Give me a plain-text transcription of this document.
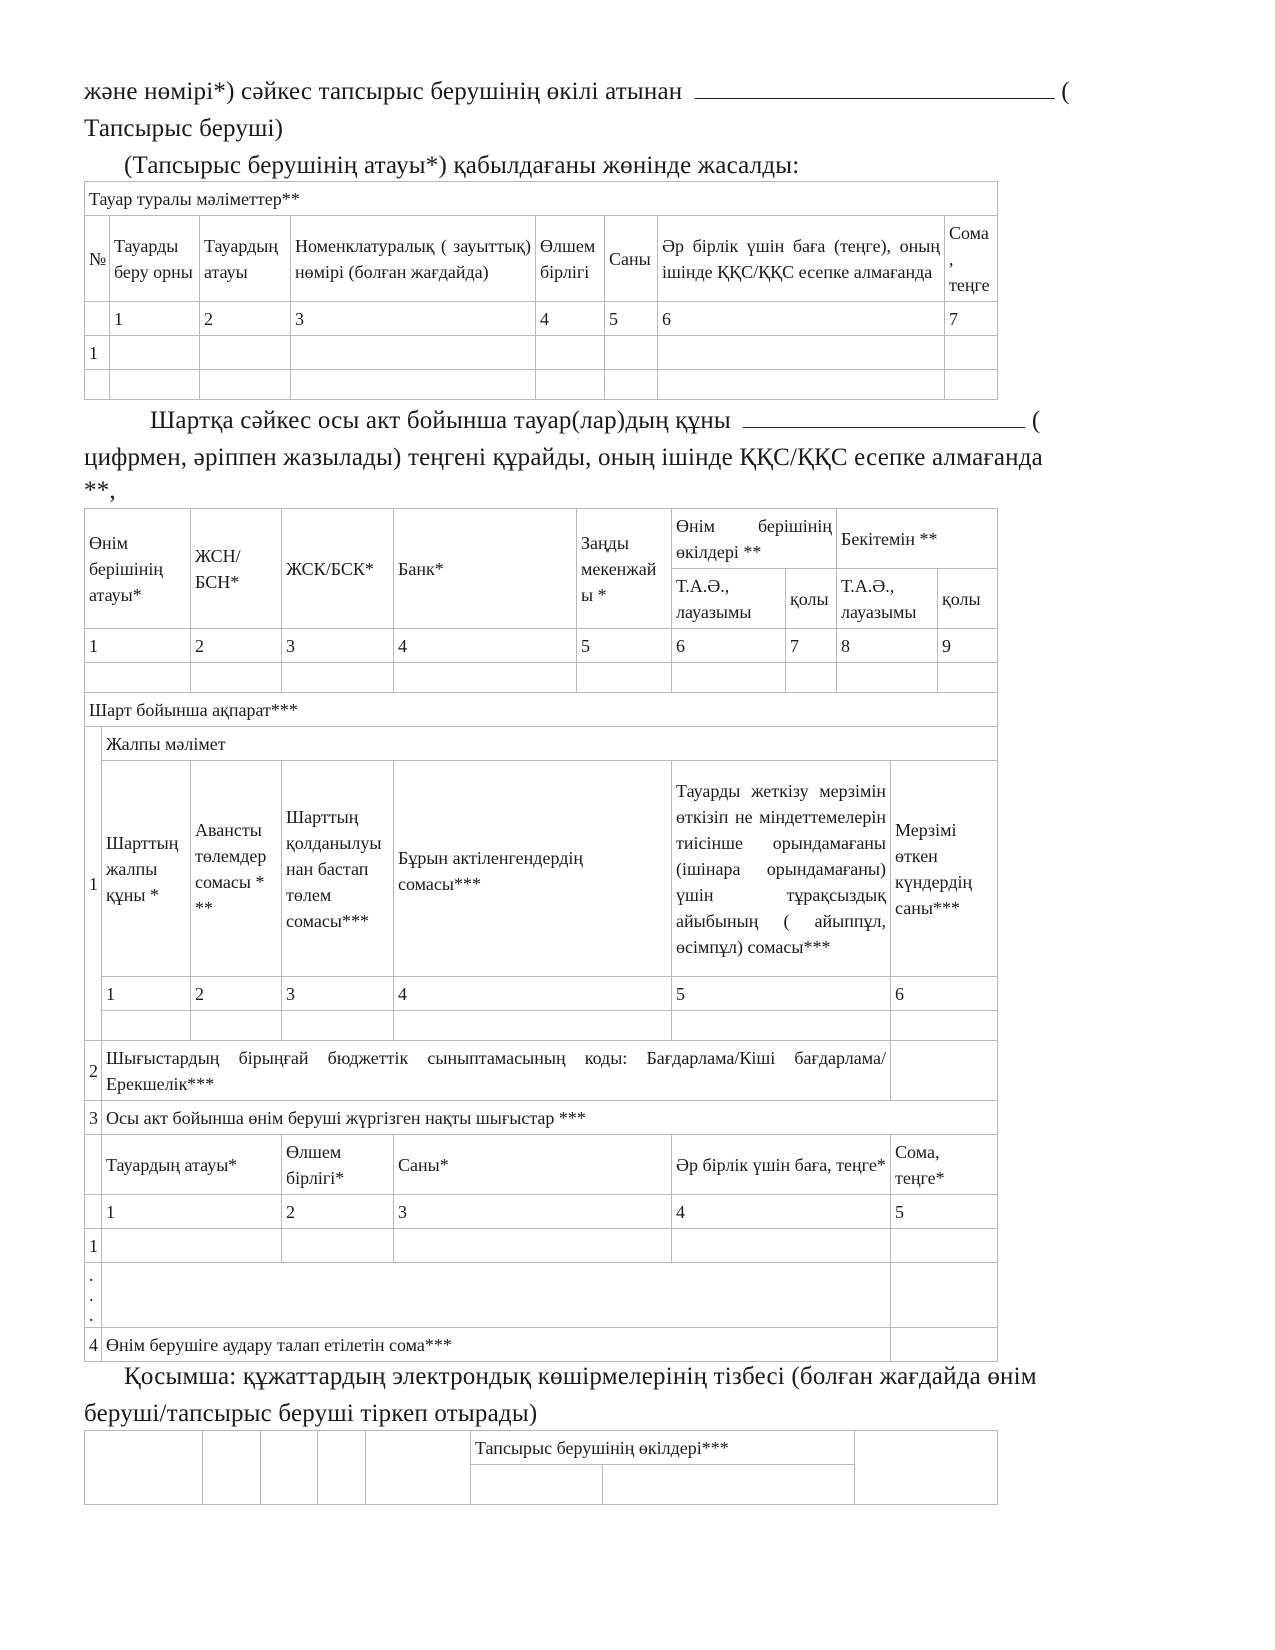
және нөмірі*) сәйкес тапсырыс берушінің өкілі атынан	(
Тапсырыс беруші)
(Тапсырыс берушінің атауы*) қабылдағаны жөнінде жасалды:
Тауар туралы мәліметтер**							
№	Тауарды беру орны	Тауардың атауы	Номенклатуралық ( зауыттық) нөмірі (болған жағдайда)	Өлшем бірлігі	Саны	Әр бірлік үшін баға (теңге), оның ішінде ҚҚС/ҚҚС есепке алмағанда	Сома , теңге
	1	2	3	4	5	6	7
1							

Шартқа сәйкес осы акт бойынша тауар(лар)дың құны	(
цифрмен, әріппен жазылады) теңгені құрайды, оның ішінде ҚҚС/ҚҚС есепке алмағанда
**,
Өнім берішінің атауы*		ЖСН/ БСН*	ЖСК/БСК*	Банк*	Заңды мекенжайы *	Өнім берішінің өкілдері **		Бекітемін **		
						Т.А.Ә., лауазымы	қолы	Т.А.Ә., лауазымы		қолы
1		2	3	4	5	6	7	8		9

Шарт бойынша ақпарат***										
1	Жалпы мәлімет									
	Шарттың жалпы құны *	Авансты төлемдер сомасы * **	Шарттың қолданылуынан бастап төлем сомасы***	Бұрын актіленгендердің сомасы***		Тауарды жеткізу мерзімін өткізіп не міндеттемелерін тиісінше орындамағаны (ішінара орындамағаны) үшін тұрақсыздық айыбының ( айыппұл, өсімпұл) сомасы***			Мерзімі өткен күндердің саны***	
	1	2	3	4		5			6	

2	Шығыстардың бірыңғай бюджеттік сыныптамасының коды: Бағдарлама/Кіші бағдарлама/ Ерекшелік***									
3	Осы акт бойынша өнім беруші жүргізген нақты шығыстар ***									
	Тауардың атауы*		Өлшем бірлігі*	Саны*		Әр бірлік үшін баға, теңге*			Сома, теңге*	
	1		2	3		4			5	
1										
..
.										
4	Өнім берушіге аудару талап етілетін сома***									
Қосымша: құжаттардың электрондық көшірмелерінің тізбесі (болған жағдайда өнім
беруші/тапсырыс беруші тіркеп отырады)
					Тапсырыс берушінің өкілдері***		
